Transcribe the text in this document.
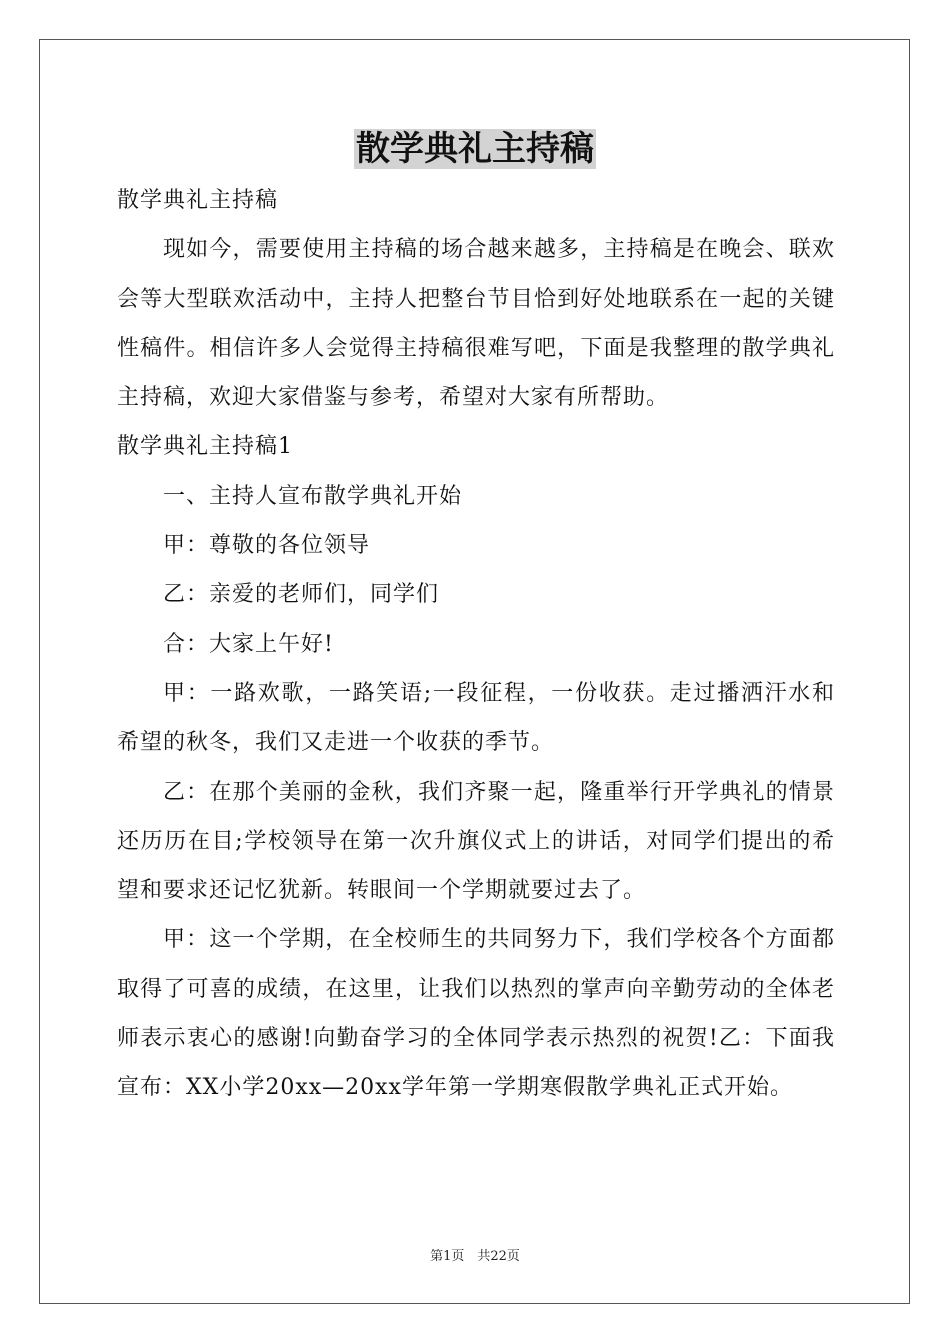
散学典礼主持稿

散学典礼主持稿

现如今，需要使用主持稿的场合越来越多，主持稿是在晚会、联欢会等大型联欢活动中，主持人把整台节目恰到好处地联系在一起的关键性稿件。相信许多人会觉得主持稿很难写吧，下面是我整理的散学典礼主持稿，欢迎大家借鉴与参考，希望对大家有所帮助。

散学典礼主持稿1

一、主持人宣布散学典礼开始

甲：尊敬的各位领导

乙：亲爱的老师们，同学们

合：大家上午好!

甲：一路欢歌，一路笑语;一段征程，一份收获。走过播洒汗水和希望的秋冬，我们又走进一个收获的季节。

乙：在那个美丽的金秋，我们齐聚一起，隆重举行开学典礼的情景还历历在目;学校领导在第一次升旗仪式上的讲话，对同学们提出的希望和要求还记忆犹新。转眼间一个学期就要过去了。

甲：这一个学期，在全校师生的共同努力下，我们学校各个方面都取得了可喜的成绩，在这里，让我们以热烈的掌声向辛勤劳动的全体老师表示衷心的感谢!向勤奋学习的全体同学表示热烈的祝贺!乙：下面我宣布：XX小学20xx—20xx学年第一学期寒假散学典礼正式开始。

第1页　共22页
